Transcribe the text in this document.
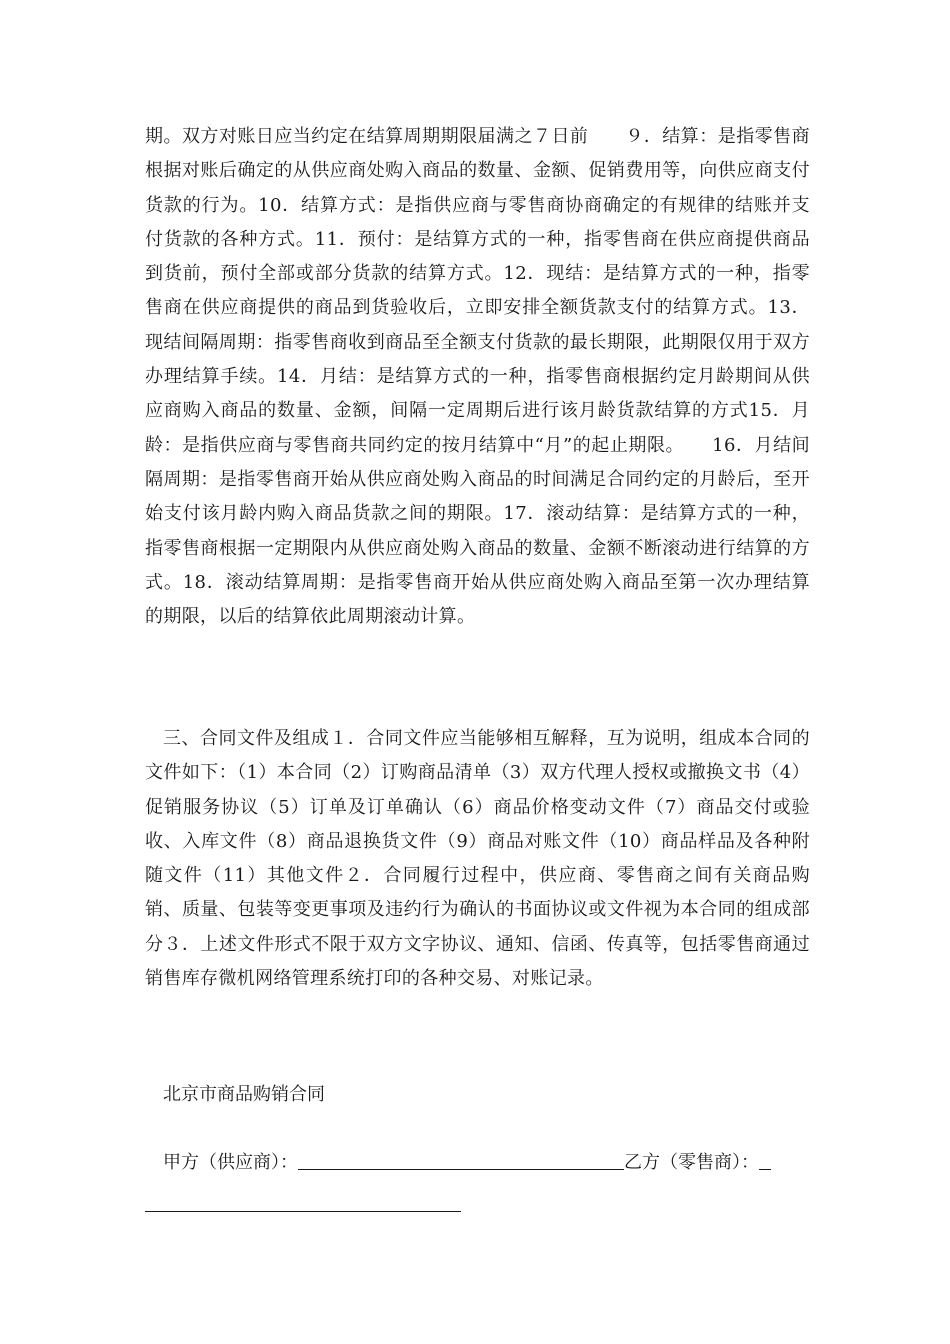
期。双方对账日应当约定在结算周期期限届满之７日前　　９．结算：是指零售商根据对账后确定的从供应商处购入商品的数量、金额、促销费用等，向供应商支付货款的行为。10．结算方式：是指供应商与零售商协商确定的有规律的结账并支付货款的各种方式。11．预付：是结算方式的一种，指零售商在供应商提供商品到货前，预付全部或部分货款的结算方式。12．现结：是结算方式的一种，指零售商在供应商提供的商品到货验收后，立即安排全额货款支付的结算方式。13．现结间隔周期：指零售商收到商品至全额支付货款的最长期限，此期限仅用于双方办理结算手续。14．月结：是结算方式的一种，指零售商根据约定月龄期间从供应商购入商品的数量、金额，间隔一定周期后进行该月龄货款结算的方式15．月龄：是指供应商与零售商共同约定的按月结算中“月”的起止期限。　　16．月结间隔周期：是指零售商开始从供应商处购入商品的时间满足合同约定的月龄后，至开始支付该月龄内购入商品货款之间的期限。17．滚动结算：是结算方式的一种，指零售商根据一定期限内从供应商处购入商品的数量、金额不断滚动进行结算的方式。18．滚动结算周期：是指零售商开始从供应商处购入商品至第一次办理结算的期限，以后的结算依此周期滚动计算。

三、合同文件及组成１．合同文件应当能够相互解释，互为说明，组成本合同的文件如下：（1）本合同（2）订购商品清单（3）双方代理人授权或撤换文书（4）促销服务协议（5）订单及订单确认（6）商品价格变动文件（7）商品交付或验收、入库文件（8）商品退换货文件（9）商品对账文件（10）商品样品及各种附随文件（11）其他文件２．合同履行过程中，供应商、零售商之间有关商品购销、质量、包装等变更事项及违约行为确认的书面协议或文件视为本合同的组成部分３．上述文件形式不限于双方文字协议、通知、信函、传真等，包括零售商通过销售库存微机网络管理系统打印的各种交易、对账记录。

北京市商品购销合同

甲方（供应商）：	乙方（零售商）：
